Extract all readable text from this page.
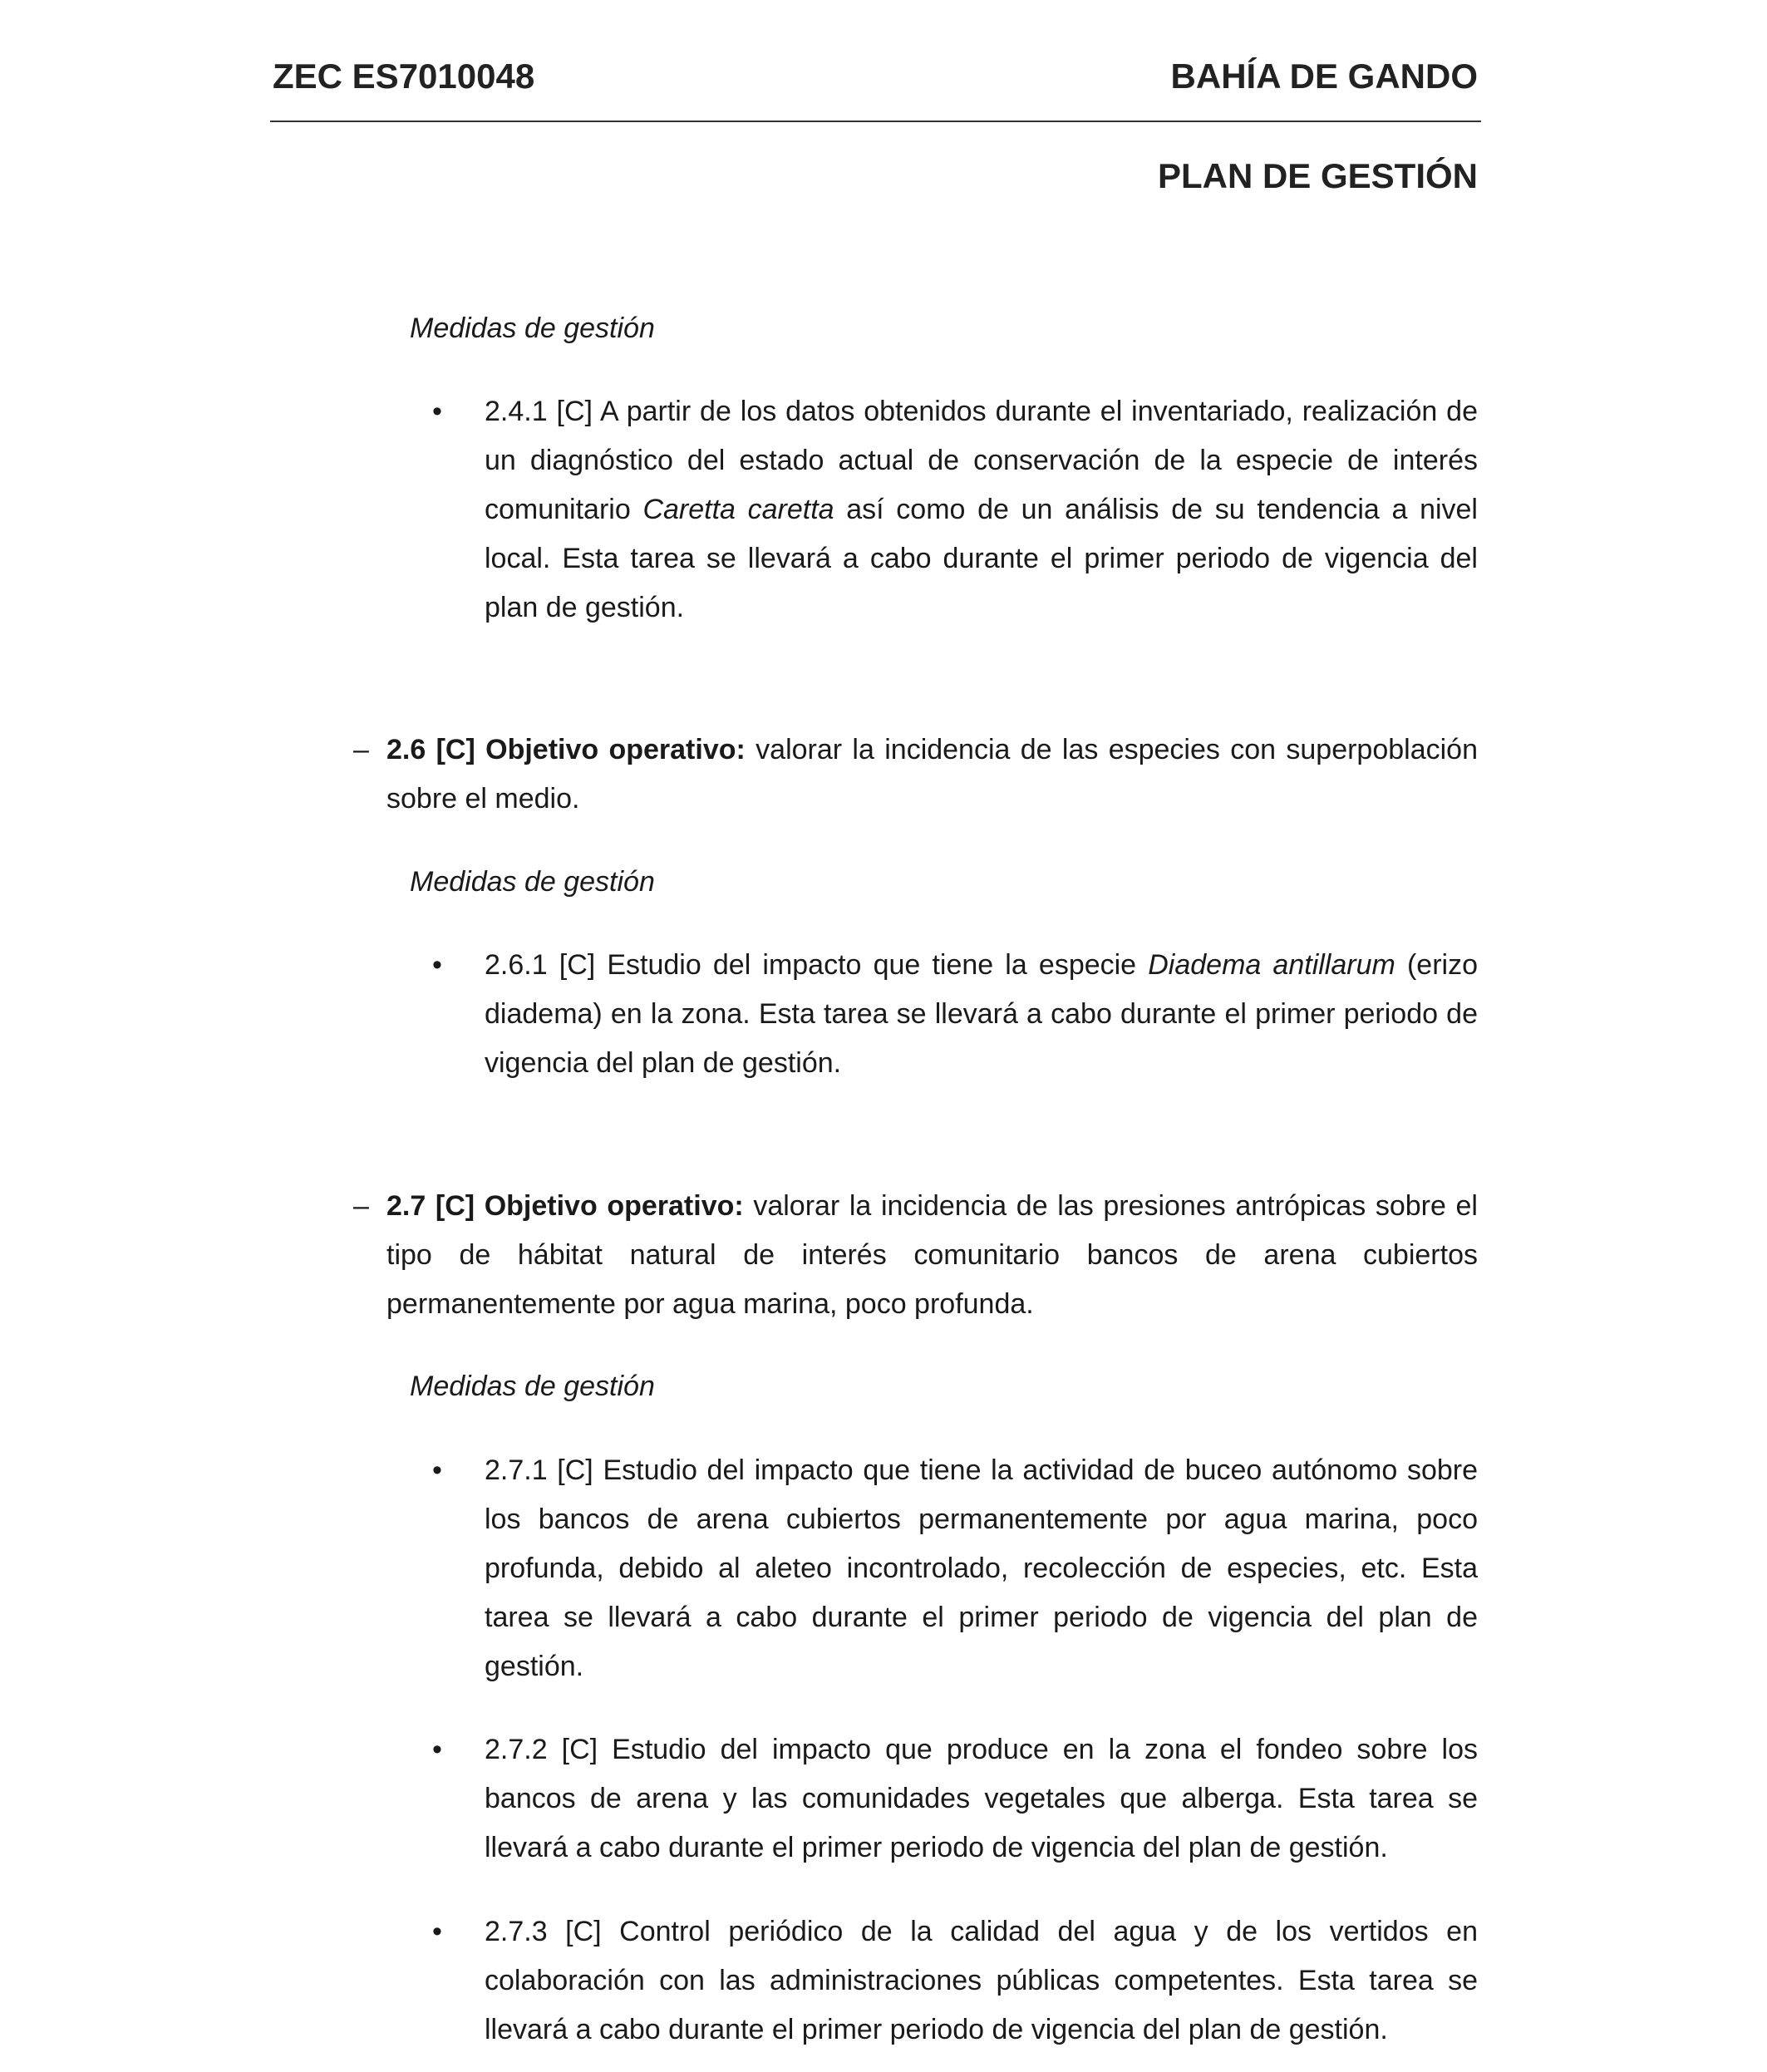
ZEC ES7010048	BAHÍA DE GANDO
PLAN DE GESTIÓN
Medidas de gestión
• 2.4.1 [C] A partir de los datos obtenidos durante el inventariado, realización de un diagnóstico del estado actual de conservación de la especie de interés comunitario Caretta caretta así como de un análisis de su tendencia a nivel local. Esta tarea se llevará a cabo durante el primer periodo de vigencia del plan de gestión.
– 2.6 [C] Objetivo operativo: valorar la incidencia de las especies con superpoblación sobre el medio.
Medidas de gestión
• 2.6.1 [C] Estudio del impacto que tiene la especie Diadema antillarum (erizo diadema) en la zona. Esta tarea se llevará a cabo durante el primer periodo de vigencia del plan de gestión.
– 2.7 [C] Objetivo operativo: valorar la incidencia de las presiones antrópicas sobre el tipo de hábitat natural de interés comunitario bancos de arena cubiertos permanentemente por agua marina, poco profunda.
Medidas de gestión
• 2.7.1 [C] Estudio del impacto que tiene la actividad de buceo autónomo sobre los bancos de arena cubiertos permanentemente por agua marina, poco profunda, debido al aleteo incontrolado, recolección de especies, etc. Esta tarea se llevará a cabo durante el primer periodo de vigencia del plan de gestión.
• 2.7.2 [C] Estudio del impacto que produce en la zona el fondeo sobre los bancos de arena y las comunidades vegetales que alberga. Esta tarea se llevará a cabo durante el primer periodo de vigencia del plan de gestión.
• 2.7.3 [C] Control periódico de la calidad del agua y de los vertidos en colaboración con las administraciones públicas competentes. Esta tarea se llevará a cabo durante el primer periodo de vigencia del plan de gestión.
